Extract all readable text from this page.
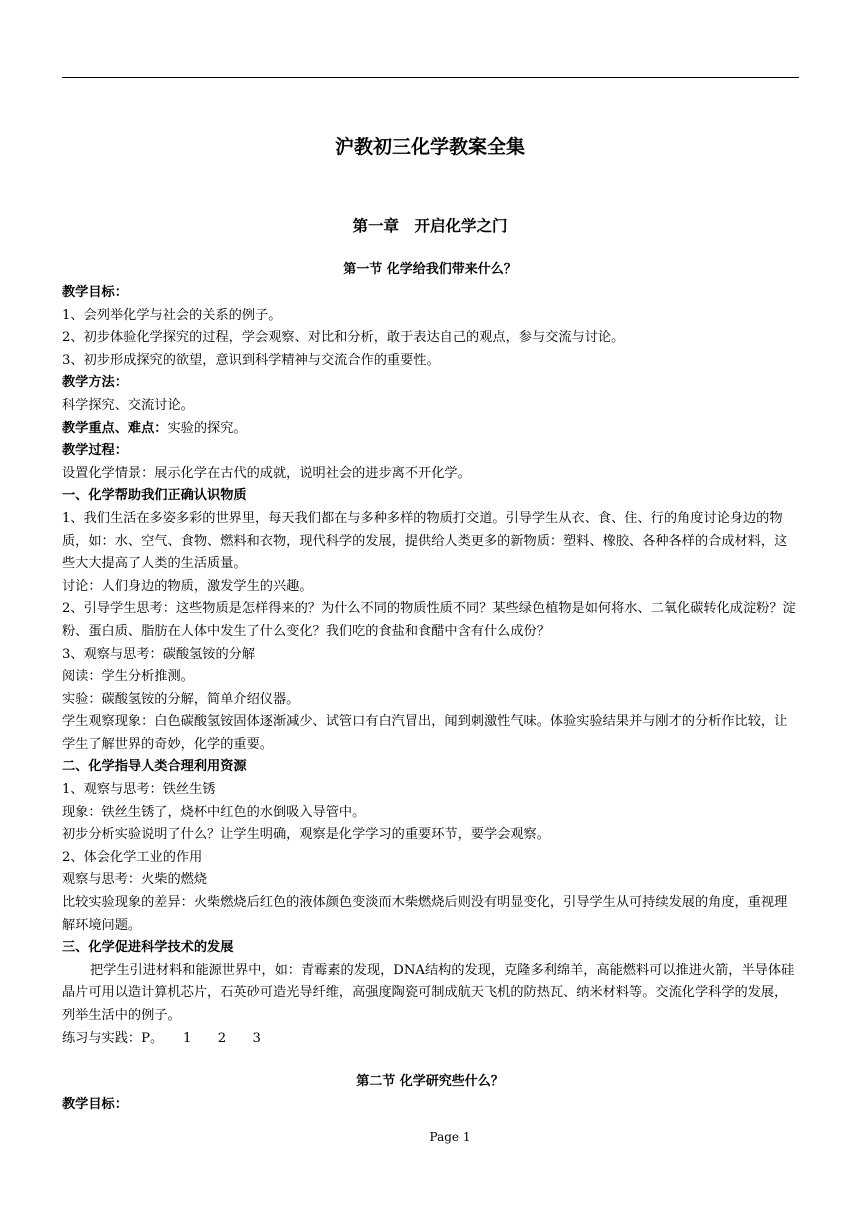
沪教初三化学教案全集
第一章　开启化学之门
第一节 化学给我们带来什么？

教学目标：

1、会列举化学与社会的关系的例子。

2、初步体验化学探究的过程，学会观察、对比和分析，敢于表达自己的观点，参与交流与讨论。

3、初步形成探究的欲望，意识到科学精神与交流合作的重要性。

教学方法：

科学探究、交流讨论。

教学重点、难点：实验的探究。

教学过程：

设置化学情景：展示化学在古代的成就，说明社会的进步离不开化学。

一、化学帮助我们正确认识物质

1、我们生活在多姿多彩的世界里，每天我们都在与多种多样的物质打交道。引导学生从衣、食、住、行的角度讨论身边的物质，如：水、空气、食物、燃料和衣物，现代科学的发展，提供给人类更多的新物质：塑料、橡胶、各种各样的合成材料，这些大大提高了人类的生活质量。

讨论：人们身边的物质，激发学生的兴趣。

2、引导学生思考：这些物质是怎样得来的？为什么不同的物质性质不同？某些绿色植物是如何将水、二氧化碳转化成淀粉？淀粉、蛋白质、脂肪在人体中发生了什么变化？我们吃的食盐和食醋中含有什么成份？

3、观察与思考：碳酸氢铵的分解

阅读：学生分析推测。

实验：碳酸氢铵的分解，简单介绍仪器。

学生观察现象：白色碳酸氢铵固体逐渐减少、试管口有白汽冒出，闻到刺激性气味。体验实验结果并与刚才的分析作比较，让学生了解世界的奇妙，化学的重要。

二、化学指导人类合理利用资源

1、观察与思考：铁丝生锈

现象：铁丝生锈了，烧杯中红色的水倒吸入导管中。

初步分析实验说明了什么？让学生明确，观察是化学学习的重要环节，要学会观察。

2、体会化学工业的作用

观察与思考：火柴的燃烧

比较实验现象的差异：火柴燃烧后红色的液体颜色变淡而木柴燃烧后则没有明显变化，引导学生从可持续发展的角度，重视理解环境问题。

三、化学促进科学技术的发展

把学生引进材料和能源世界中，如：青霉素的发现，DNA结构的发现，克隆多利绵羊，高能燃料可以推进火箭，半导体硅晶片可用以造计算机芯片，石英砂可造光导纤维，高强度陶瓷可制成航天飞机的防热瓦、纳米材料等。交流化学科学的发展，列举生活中的例子。

练习与实践：P。　　1　　2　　3

第二节 化学研究些什么？

教学目标：

Page 1
